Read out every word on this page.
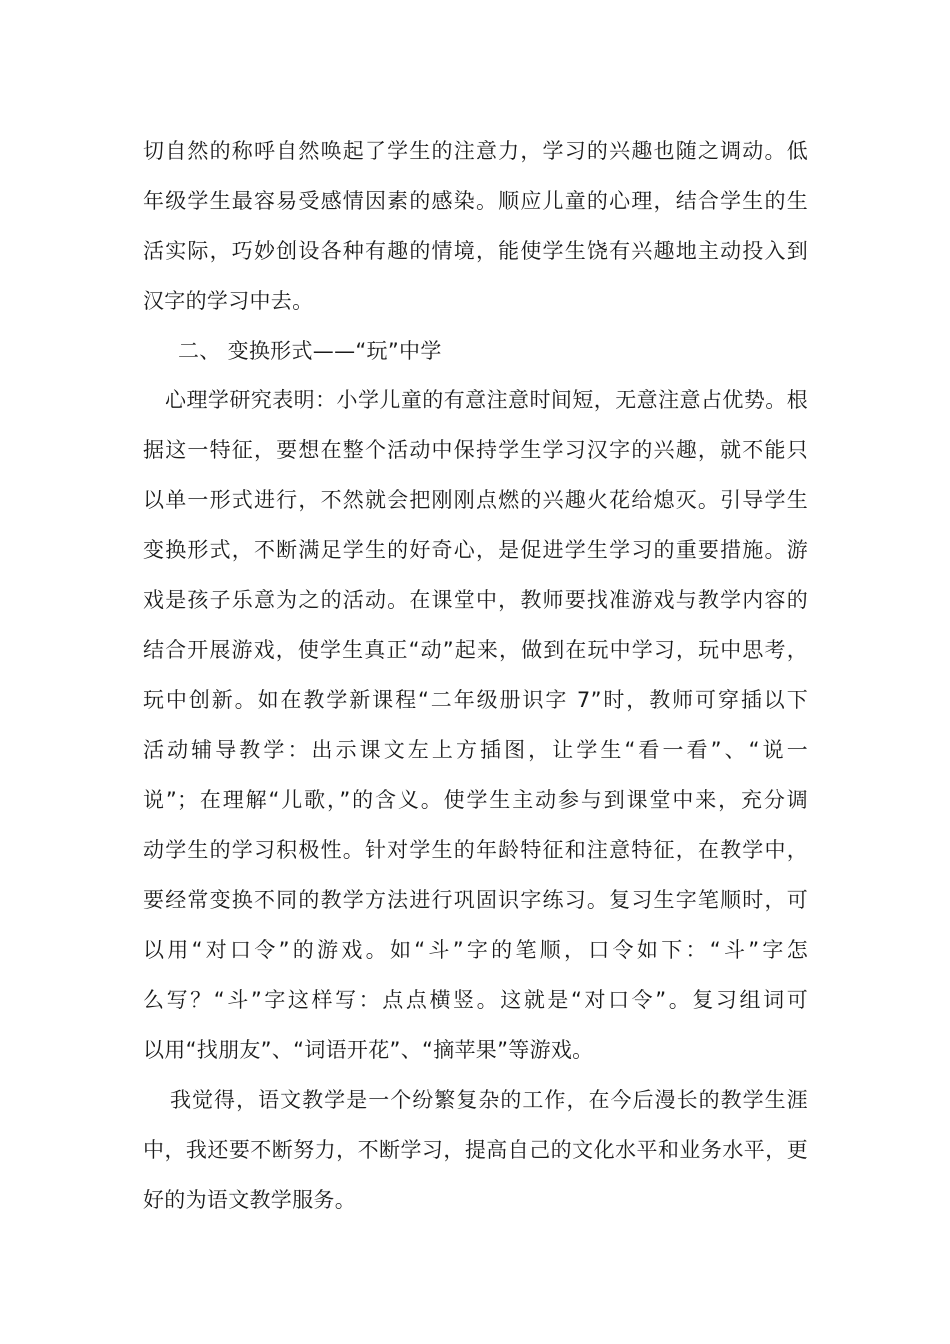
切自然的称呼自然唤起了学生的注意力，学习的兴趣也随之调动。低
年级学生最容易受感情因素的感染。顺应儿童的心理，结合学生的生
活实际，巧妙创设各种有趣的情境，能使学生饶有兴趣地主动投入到
汉字的学习中去。
二、 变换形式——“玩”中学
心理学研究表明：小学儿童的有意注意时间短，无意注意占优势。根
据这一特征，要想在整个活动中保持学生学习汉字的兴趣，就不能只
以单一形式进行，不然就会把刚刚点燃的兴趣火花给熄灭。引导学生
变换形式，不断满足学生的好奇心，是促进学生学习的重要措施。游
戏是孩子乐意为之的活动。在课堂中，教师要找准游戏与教学内容的
结合开展游戏，使学生真正“动”起来，做到在玩中学习，玩中思考，
玩中创新。如在教学新课程“二年级册识字 7”时，教师可穿插以下
活动辅导教学：出示课文左上方插图，让学生“看一看”、“说一
说”；在理解“儿歌，”的含义。使学生主动参与到课堂中来，充分调
动学生的学习积极性。针对学生的年龄特征和注意特征，在教学中，
要经常变换不同的教学方法进行巩固识字练习。复习生字笔顺时，可
以用“对口令”的游戏。如“斗”字的笔顺，口令如下：“斗”字怎
么写？“斗”字这样写：点点横竖。这就是“对口令”。复习组词可
以用“找朋友”、“词语开花”、“摘苹果”等游戏。
我觉得，语文教学是一个纷繁复杂的工作，在今后漫长的教学生涯
中，我还要不断努力，不断学习，提高自己的文化水平和业务水平，更
好的为语文教学服务。
